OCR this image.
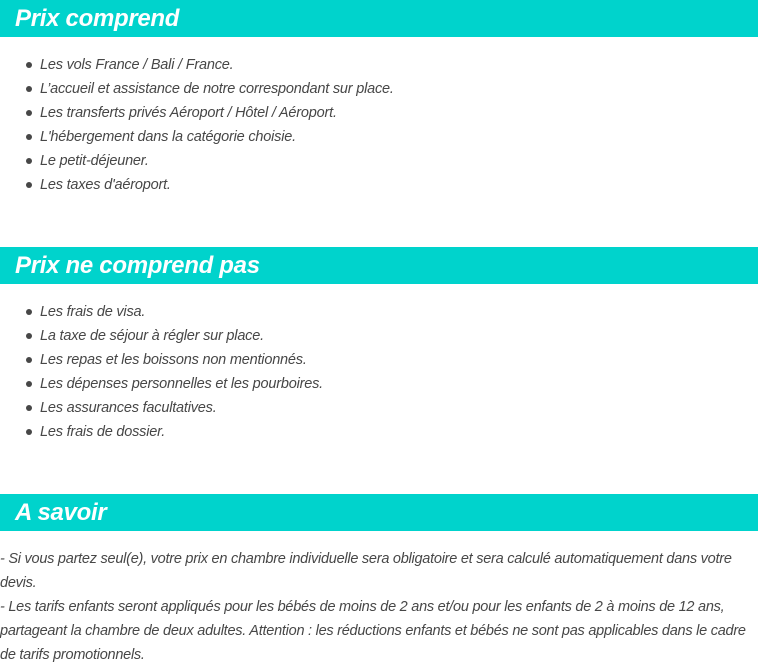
Prix comprend
Les vols France / Bali / France.
L’accueil et assistance de notre correspondant sur place.
Les transferts privés Aéroport / Hôtel / Aéroport.
L'hébergement dans la catégorie choisie.
Le petit-déjeuner.
Les taxes d'aéroport.
Prix ne comprend pas
Les frais de visa.
La taxe de séjour à régler sur place.
Les repas et les boissons non mentionnés.
Les dépenses personnelles et les pourboires.
Les assurances facultatives.
Les frais de dossier.
A savoir

- Si vous partez seul(e), votre prix en chambre individuelle sera obligatoire et sera calculé automatiquement dans votre devis.

- Les tarifs enfants seront appliqués pour les bébés de moins de 2 ans et/ou pour les enfants de 2 à moins de 12 ans, partageant la chambre de deux adultes. Attention : les réductions enfants et bébés ne sont pas applicables dans le cadre de tarifs promotionnels.
